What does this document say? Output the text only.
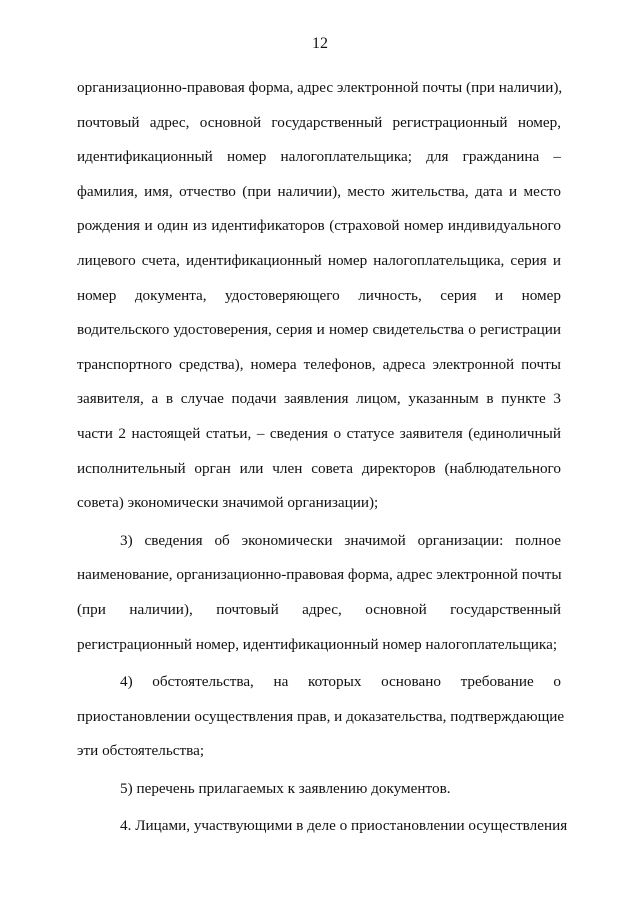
12
организационно-правовая форма, адрес электронной почты (при наличии),
почтовый адрес, основной государственный регистрационный номер,
идентификационный номер налогоплательщика; для гражданина –
фамилия, имя, отчество (при наличии), место жительства, дата и место
рождения и один из идентификаторов (страховой номер индивидуального
лицевого счета, идентификационный номер налогоплательщика, серия и
номер документа, удостоверяющего личность, серия и номер
водительского удостоверения, серия и номер свидетельства о регистрации
транспортного средства), номера телефонов, адреса электронной почты
заявителя, а в случае подачи заявления лицом, указанным в пункте 3
части 2 настоящей статьи, – сведения о статусе заявителя (единоличный
исполнительный орган или член совета директоров (наблюдательного
совета) экономически значимой организации);
3) сведения об экономически значимой организации: полное
наименование, организационно-правовая форма, адрес электронной почты
(при наличии), почтовый адрес, основной государственный
регистрационный номер, идентификационный номер налогоплательщика;
4) обстоятельства, на которых основано требование о
приостановлении осуществления прав, и доказательства, подтверждающие
эти обстоятельства;
5) перечень прилагаемых к заявлению документов.
4. Лицами, участвующими в деле о приостановлении осуществления
